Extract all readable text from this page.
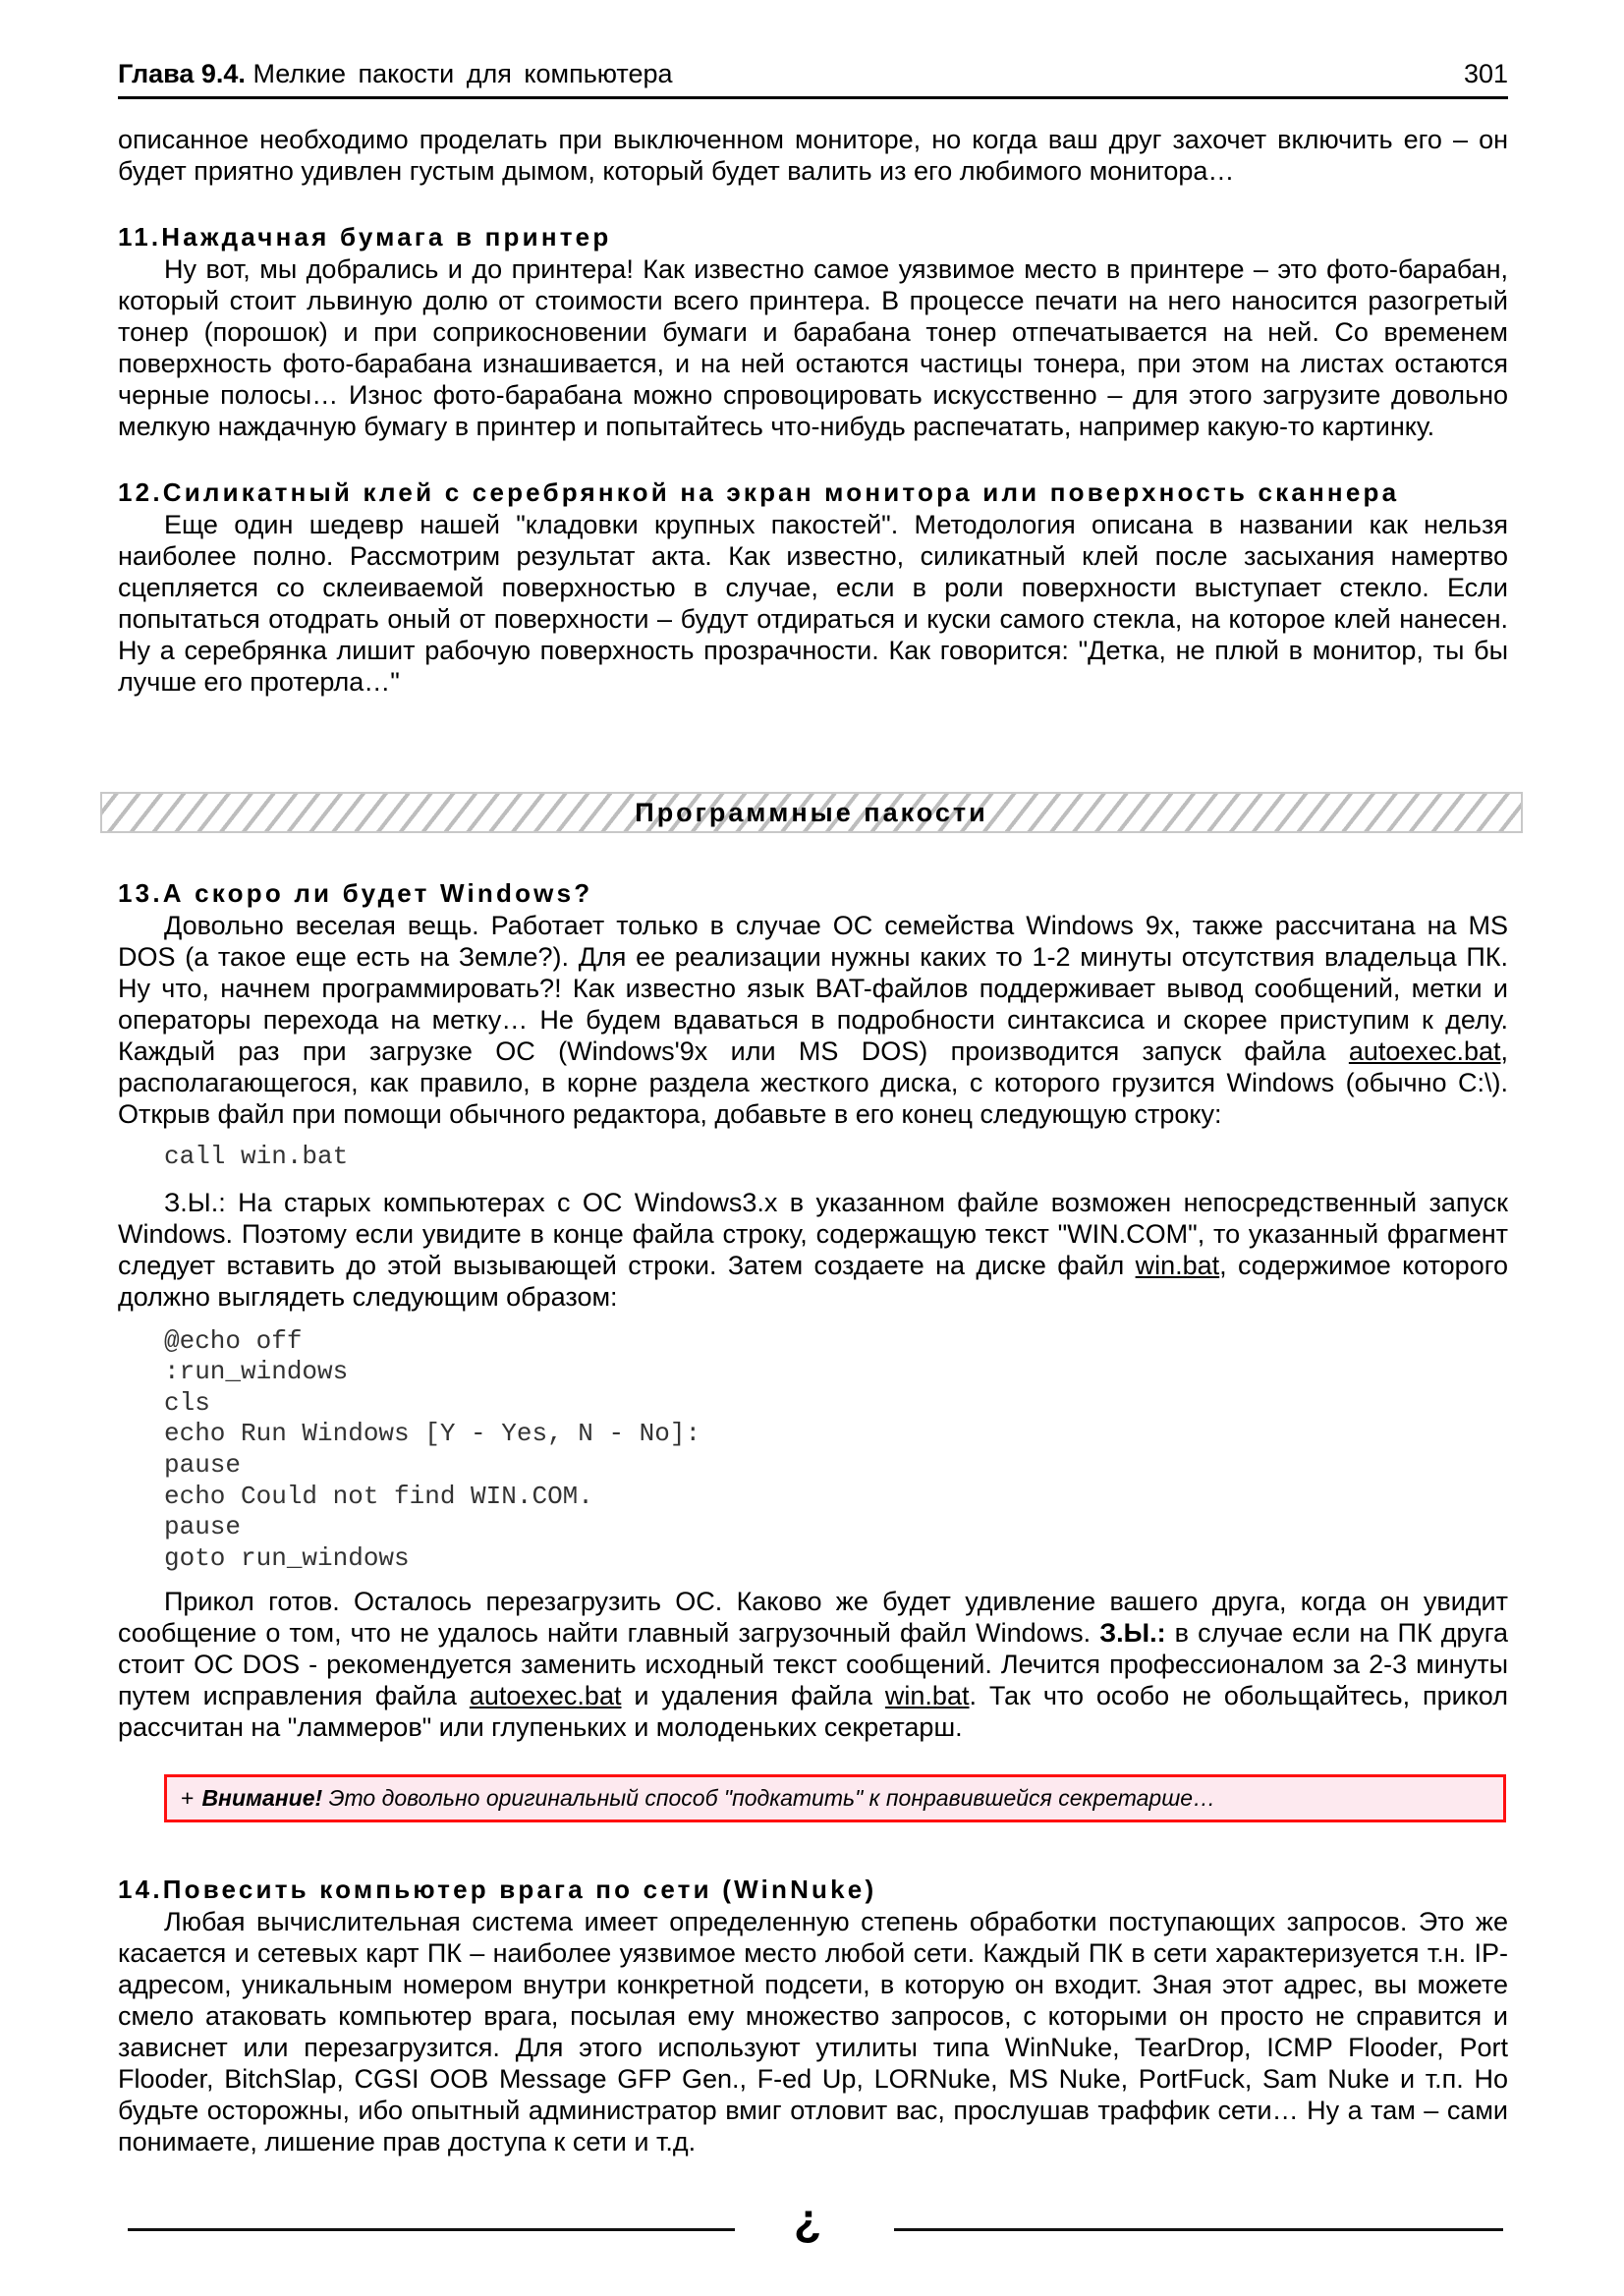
Глава 9.4. Мелкие пакости для компьютера	301

описанное необходимо проделать при выключенном мониторе, но когда ваш друг захочет включить его – он будет приятно удивлен густым дымом, который будет валить из его любимого монитора…

11.Наждачная бумага в принтер

Ну вот, мы добрались и до принтера! Как известно самое уязвимое место в принтере – это фото-барабан, который стоит львиную долю от стоимости всего принтера. В процессе печати на него наносится разогретый тонер (порошок) и при соприкосновении бумаги и барабана тонер отпечатывается на ней. Со временем поверхность фото-барабана изнашивается, и на ней остаются частицы тонера, при этом на листах остаются черные полосы… Износ фото-барабана можно спровоцировать искусственно – для этого загрузите довольно мелкую наждачную бумагу в принтер и попытайтесь что-нибудь распечатать, например какую-то картинку.

12.Силикатный клей с серебрянкой на экран монитора или поверхность сканнера

Еще один шедевр нашей "кладовки крупных пакостей". Методология описана в названии как нельзя наиболее полно. Рассмотрим результат акта. Как известно, силикатный клей после засыхания намертво сцепляется со склеиваемой поверхностью в случае, если в роли поверхности выступает стекло. Если попытаться отодрать оный от поверхности – будут отдираться и куски самого стекла, на которое клей нанесен. Ну а серебрянка лишит рабочую поверхность прозрачности. Как говорится: "Детка, не плюй в монитор, ты бы лучше его протерла…"

Программные пакости
13.А скоро ли будет Windows?

Довольно веселая вещь. Работает только в случае ОС семейства Windows 9x, также рассчитана на MS DOS (а такое еще есть на Земле?). Для ее реализации нужны каких то 1-2 минуты отсутствия владельца ПК. Ну что, начнем программировать?! Как известно язык BAT-файлов поддерживает вывод сообщений, метки и операторы перехода на метку… Не будем вдаваться в подробности синтаксиса и скорее приступим к делу. Каждый раз при загрузке ОС (Windows'9x или MS DOS) производится запуск файла autoexec.bat, располагающегося, как правило, в корне раздела жесткого диска, с которого грузится Windows (обычно C:\). Открыв файл при помощи обычного редактора, добавьте в его конец следующую строку:

call win.bat

З.Ы.: На старых компьютерах с ОС Windows3.x в указанном файле возможен непосредственный запуск Windows. Поэтому если увидите в конце файла строку, содержащую текст "WIN.COM", то указанный фрагмент следует вставить до этой вызывающей строки. Затем создаете на диске файл win.bat, содержимое которого должно выглядеть следующим образом:

@echo off
:run_windows
cls
echo Run Windows [Y - Yes, N - No]:
pause
echo Could not find WIN.COM.
pause
goto run_windows

Прикол готов. Осталось перезагрузить ОС. Каково же будет удивление вашего друга, когда он увидит сообщение о том, что не удалось найти главный загрузочный файл Windows. З.Ы.: в случае если на ПК друга стоит ОС DOS - рекомендуется заменить исходный текст сообщений. Лечится профессионалом за 2-3 минуты путем исправления файла autoexec.bat и удаления файла win.bat. Так что особо не обольщайтесь, прикол рассчитан на "ламмеров" или глупеньких и молоденьких секретарш.

+ Внимание! Это довольно оригинальный способ "подкатить" к понравившейся секретарше…
14.Повесить компьютер врага по сети (WinNuke)

Любая вычислительная система имеет определенную степень обработки поступающих запросов. Это же касается и сетевых карт ПК – наиболее уязвимое место любой сети. Каждый ПК в сети характеризуется т.н. IP-адресом, уникальным номером внутри конкретной подсети, в которую он входит. Зная этот адрес, вы можете смело атаковать компьютер врага, посылая ему множество запросов, с которыми он просто не справится и зависнет или перезагрузится. Для этого используют утилиты типа WinNuke, TearDrop, ICMP Flooder, Port Flooder, BitchSlap, CGSI OOB Message GFP Gen., F-ed Up, LORNuke, MS Nuke, PortFuck, Sam Nuke и т.п. Но будьте осторожны, ибо опытный администратор вмиг отловит вас, прослушав траффик сети… Ну а там – сами понимаете, лишение прав доступа к сети и т.д.

¿
